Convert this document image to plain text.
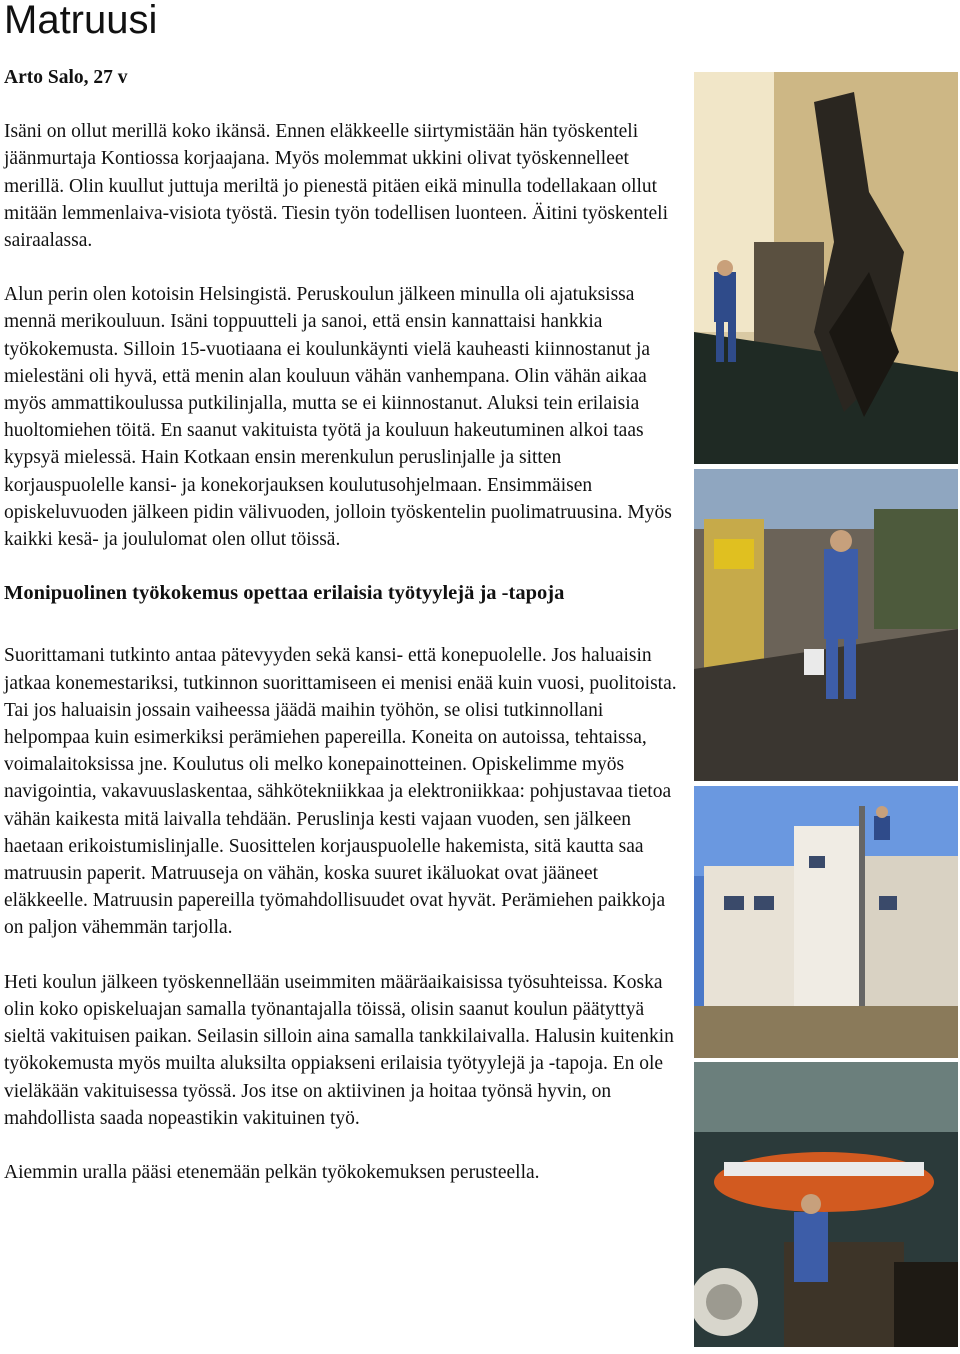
Matruusi

Arto Salo, 27 v

Isäni on ollut merillä koko ikänsä. Ennen eläkkeelle siirtymistään hän työskenteli jäänmurtaja Kontiossa korjaajana. Myös molemmat ukkini olivat työskennelleet merillä. Olin kuullut juttuja meriltä jo pienestä pitäen eikä minulla todellakaan ollut mitään lemmenlaiva-visiota työstä. Tiesin työn todellisen luonteen. Äitini työskenteli sairaalassa.

Alun perin olen kotoisin Helsingistä. Peruskoulun jälkeen minulla oli ajatuksissa mennä merikouluun. Isäni toppuutteli ja sanoi, että ensin kannattaisi hankkia työkokemusta. Silloin 15-vuotiaana ei koulunkäynti vielä kauheasti kiinnostanut ja mielestäni oli hyvä, että menin alan kouluun vähän vanhempana. Olin vähän aikaa myös ammattikoulussa putkilinjalla, mutta se ei kiinnostanut. Aluksi tein erilaisia huoltomiehen töitä. En saanut vakituista työtä ja kouluun hakeutuminen alkoi taas kypsyä mielessä. Hain Kotkaan ensin merenkulun peruslinjalle ja sitten korjauspuolelle kansi- ja konekorjauksen koulutusohjelmaan. Ensimmäisen opiskeluvuoden jälkeen pidin välivuoden, jolloin työskentelin puolimatruusina. Myös kaikki kesä- ja joululomat olen ollut töissä.

Monipuolinen työkokemus opettaa erilaisia työtyylejä ja -tapoja

Suorittamani tutkinto antaa pätevyyden sekä kansi- että konepuolelle. Jos haluaisin jatkaa konemestariksi, tutkinnon suorittamiseen ei menisi enää kuin vuosi, puolitoista. Tai jos haluaisin jossain vaiheessa jäädä maihin työhön, se olisi tutkinnollani helpompaa kuin esimerkiksi perämiehen papereilla. Koneita on autoissa, tehtaissa, voimalaitoksissa jne. Koulutus oli melko konepainotteinen. Opiskelimme myös navigointia, vakavuuslaskentaa, sähkötekniikkaa ja elektroniikkaa: pohjustavaa tietoa vähän kaikesta mitä laivalla tehdään. Peruslinja kesti vajaan vuoden, sen jälkeen haetaan erikoistumislinjalle. Suosittelen korjauspuolelle hakemista, sitä kautta saa matruusin paperit. Matruuseja on vähän, koska suuret ikäluokat ovat jääneet eläkkeelle. Matruusin papereilla työmahdollisuudet ovat hyvät. Perämiehen paikkoja on paljon vähemmän tarjolla.

Heti koulun jälkeen työskennellään useimmiten määräaikaisissa työsuhteissa. Koska olin koko opiskeluajan samalla työnantajalla töissä, olisin saanut koulun päätyttyä sieltä vakituisen paikan. Seilasin silloin aina samalla tankkilaivalla. Halusin kuitenkin työkokemusta myös muilta aluksilta oppiakseni erilaisia työtyylejä ja -tapoja. En ole vieläkään vakituisessa työssä. Jos itse on aktiivinen ja hoitaa työnsä hyvin, on mahdollista saada nopeastikin vakituinen työ.

Aiemmin uralla pääsi etenemään pelkän työkokemuksen perusteella.
